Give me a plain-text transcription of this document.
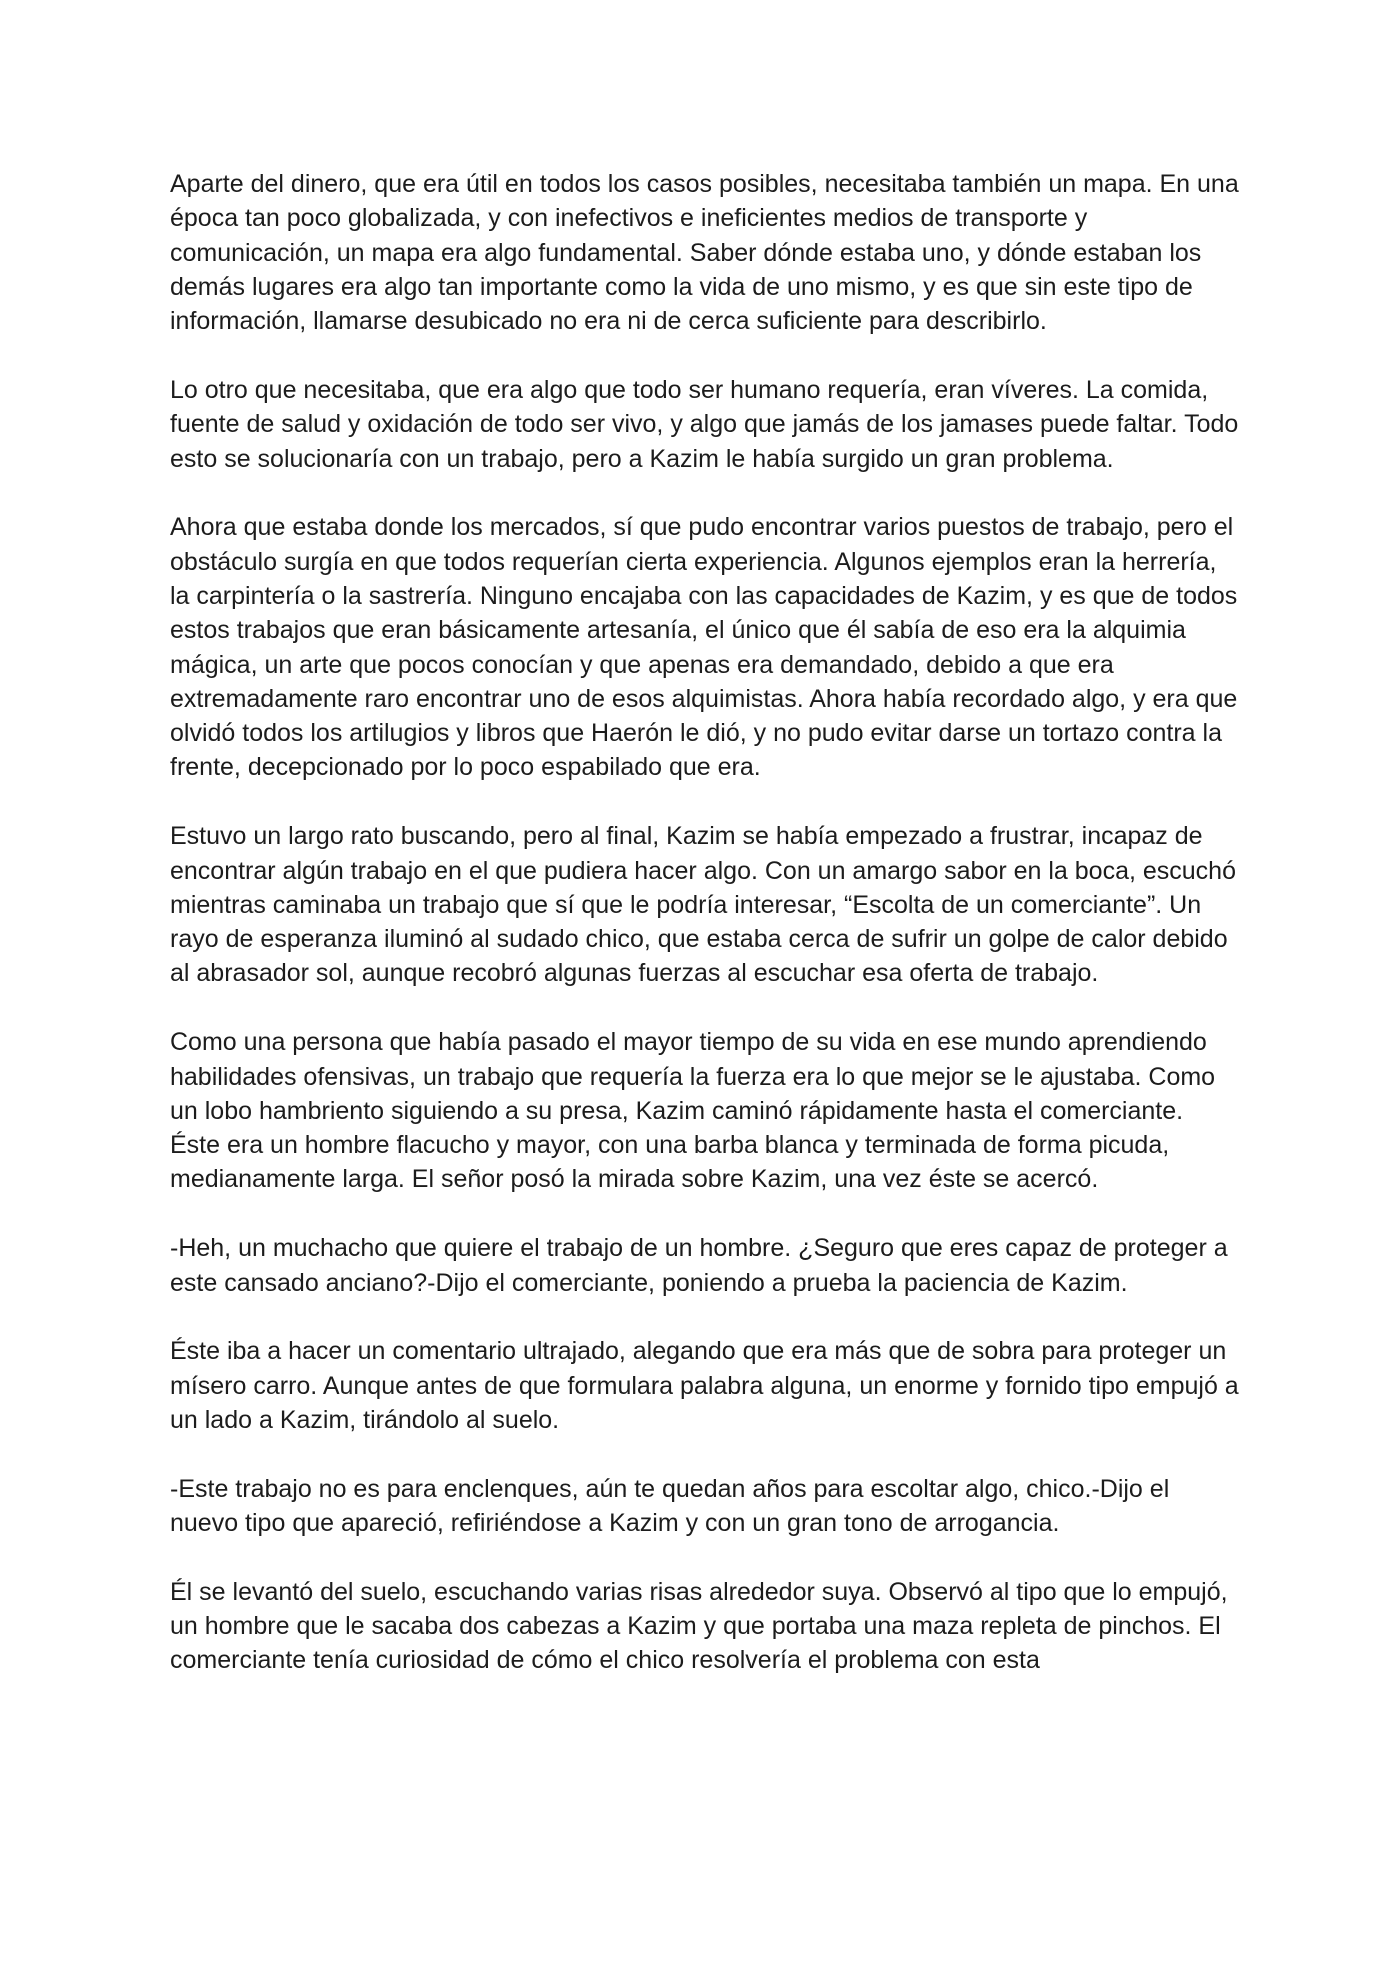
Aparte del dinero, que era útil en todos los casos posibles, necesitaba también un mapa. En una época tan poco globalizada, y con inefectivos e ineficientes medios de transporte y comunicación, un mapa era algo fundamental. Saber dónde estaba uno, y dónde estaban los demás lugares era algo tan importante como la vida de uno mismo, y es que sin este tipo de información, llamarse desubicado no era ni de cerca suficiente para describirlo.

Lo otro que necesitaba, que era algo que todo ser humano requería, eran víveres. La comida, fuente de salud y oxidación de todo ser vivo, y algo que jamás de los jamases puede faltar. Todo esto se solucionaría con un trabajo, pero a Kazim le había surgido un gran problema.

Ahora que estaba donde los mercados, sí que pudo encontrar varios puestos de trabajo, pero el obstáculo surgía en que todos requerían cierta experiencia. Algunos ejemplos eran la herrería, la carpintería o la sastrería. Ninguno encajaba con las capacidades de Kazim, y es que de todos estos trabajos que eran básicamente artesanía, el único que él sabía de eso era la alquimia mágica, un arte que pocos conocían y que apenas era demandado, debido a que era extremadamente raro encontrar uno de esos alquimistas. Ahora había recordado algo, y era que olvidó todos los artilugios y libros que Haerón le dió, y no pudo evitar darse un tortazo contra la frente, decepcionado por lo poco espabilado que era.

Estuvo un largo rato buscando, pero al final, Kazim se había empezado a frustrar, incapaz de encontrar algún trabajo en el que pudiera hacer algo. Con un amargo sabor en la boca, escuchó mientras caminaba un trabajo que sí que le podría interesar, “Escolta de un comerciante”. Un rayo de esperanza iluminó al sudado chico, que estaba cerca de sufrir un golpe de calor debido al abrasador sol, aunque recobró algunas fuerzas al escuchar esa oferta de trabajo.

Como una persona que había pasado el mayor tiempo de su vida en ese mundo aprendiendo habilidades ofensivas, un trabajo que requería la fuerza era lo que mejor se le ajustaba. Como un lobo hambriento siguiendo a su presa, Kazim caminó rápidamente hasta el comerciante. Éste era un hombre flacucho y mayor, con una barba blanca y terminada de forma picuda, medianamente larga. El señor posó la mirada sobre Kazim, una vez éste se acercó.

-Heh, un muchacho que quiere el trabajo de un hombre. ¿Seguro que eres capaz de proteger a este cansado anciano?-Dijo el comerciante, poniendo a prueba la paciencia de Kazim.

Éste iba a hacer un comentario ultrajado, alegando que era más que de sobra para proteger un mísero carro. Aunque antes de que formulara palabra alguna, un enorme y fornido tipo empujó a un lado a Kazim, tirándolo al suelo.

-Este trabajo no es para enclenques, aún te quedan años para escoltar algo, chico.-Dijo el nuevo tipo que apareció, refiriéndose a Kazim y con un gran tono de arrogancia.

Él se levantó del suelo, escuchando varias risas alrededor suya. Observó al tipo que lo empujó, un hombre que le sacaba dos cabezas a Kazim y que portaba una maza repleta de pinchos. El comerciante tenía curiosidad de cómo el chico resolvería el problema con esta
